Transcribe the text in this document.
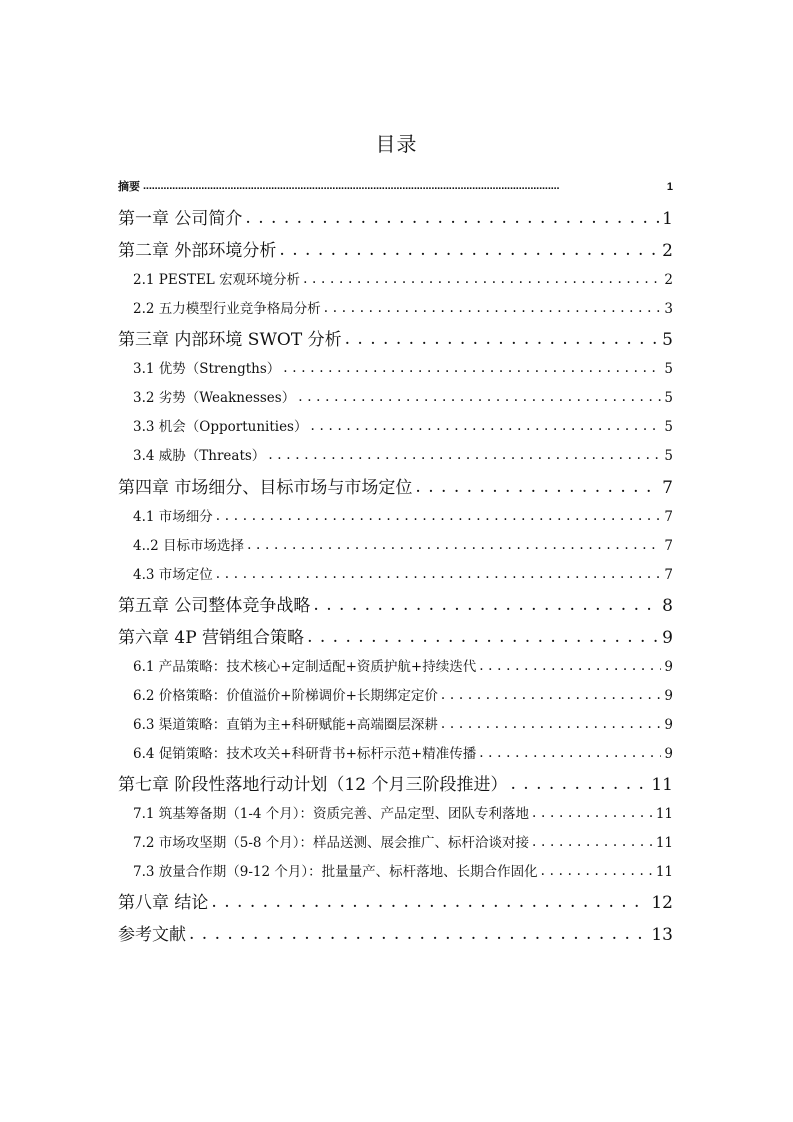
目录
摘要 . . .	1
第一章 公司简介 . . .	1
第二章 外部环境分析 . . .	2
2.1 PESTEL 宏观环境分析 . . .	2
2.2 五力模型行业竞争格局分析 . . .	3
第三章 内部环境 SWOT 分析 . . .	5
3.1 优势（Strengths） . . .	5
3.2 劣势（Weaknesses） . . .	5
3.3 机会（Opportunities） . . .	5
3.4 威胁（Threats） . . .	5
第四章 市场细分、目标市场与市场定位 . . .	7
4.1 市场细分 . . .	7
4..2 目标市场选择 . . .	7
4.3 市场定位 . . .	7
第五章 公司整体竞争战略 . . .	8
第六章 4P 营销组合策略 . . .	9
6.1 产品策略：技术核心+定制适配+资质护航+持续迭代 . . .	9
6.2 价格策略：价值溢价+阶梯调价+长期绑定定价 . . .	9
6.3 渠道策略：直销为主+科研赋能+高端圈层深耕 . . .	9
6.4 促销策略：技术攻关+科研背书+标杆示范+精准传播 . . .	9
第七章 阶段性落地行动计划（12 个月三阶段推进） . . .	11
7.1 筑基筹备期（1-4 个月）：资质完善、产品定型、团队专利落地 . . .	11
7.2 市场攻坚期（5-8 个月）：样品送测、展会推广、标杆洽谈对接 . . .	11
7.3 放量合作期（9-12 个月）：批量量产、标杆落地、长期合作固化 . . .	11
第八章 结论 . . .	12
参考文献 . . .	13
